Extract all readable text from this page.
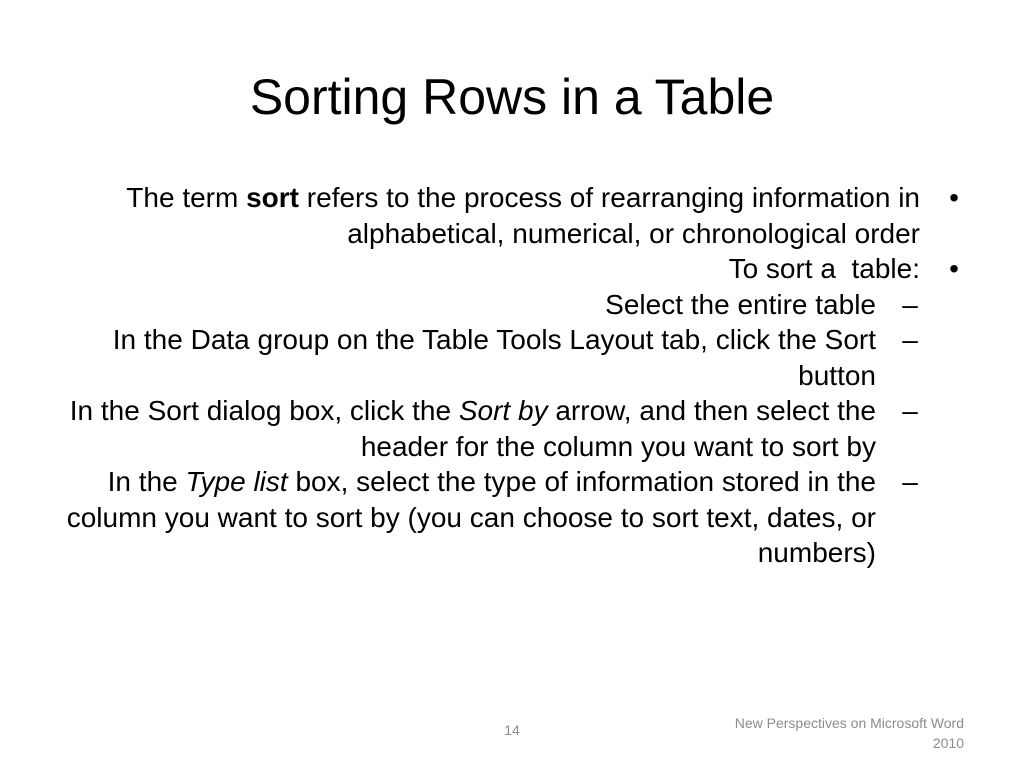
Sorting Rows in a Table
•
The term sort refers to the process of rearranging information in alphabetical, numerical, or chronological order
•
To sort a  table:
–
Select the entire table
–
In the Data group on the Table Tools Layout tab, click the Sort button
–
In the Sort dialog box, click the Sort by arrow, and then select the header for the column you want to sort by
–
In the Type list box, select the type of information stored in the column you want to sort by (you can choose to sort text, dates, or numbers)
14	New Perspectives on Microsoft Word 2010
